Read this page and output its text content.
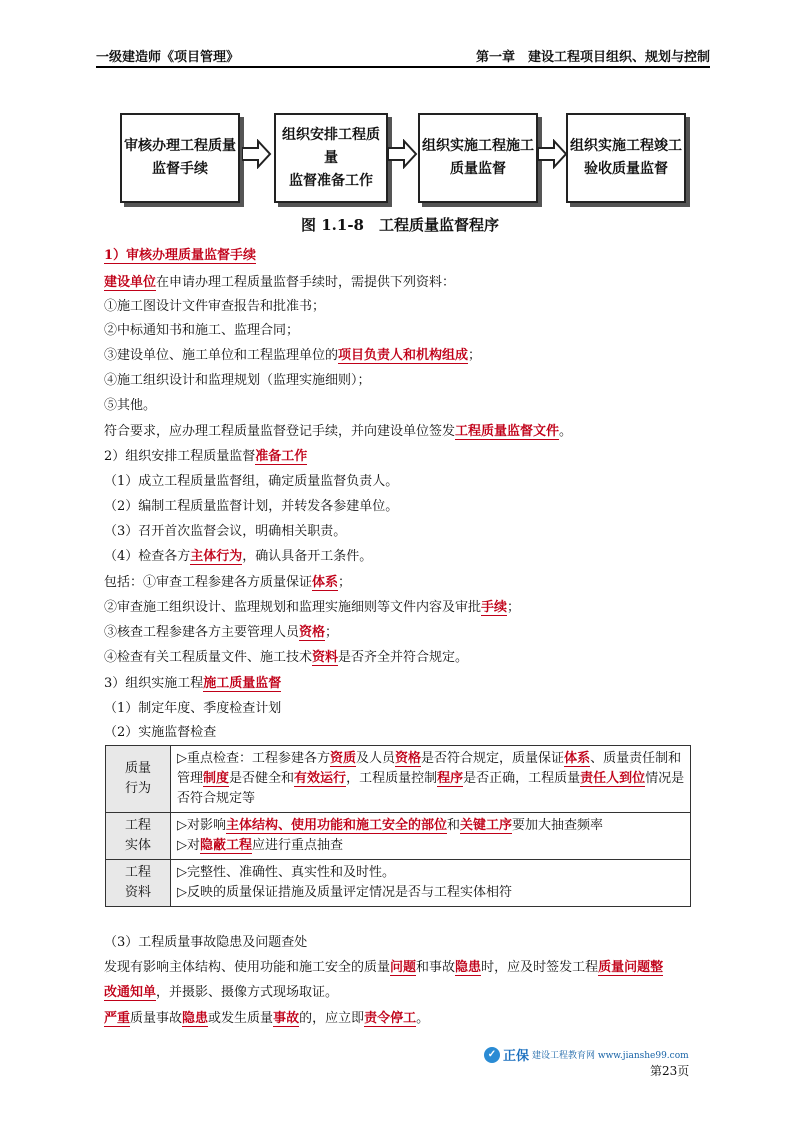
一级建造师《项目管理》	第一章　建设工程项目组织、规划与控制
审核办理工程质量
监督手续
组织安排工程质量
监督准备工作
组织实施工程施工
质量监督
组织实施工程竣工
验收质量监督
图 1.1-8　工程质量监督程序
1）审核办理质量监督手续
建设单位在申请办理工程质量监督手续时，需提供下列资料：
①施工图设计文件审查报告和批准书；
②中标通知书和施工、监理合同；
③建设单位、施工单位和工程监理单位的项目负责人和机构组成；
④施工组织设计和监理规划（监理实施细则）；
⑤其他。
符合要求，应办理工程质量监督登记手续，并向建设单位签发工程质量监督文件。
2）组织安排工程质量监督准备工作
（1）成立工程质量监督组，确定质量监督负责人。
（2）编制工程质量监督计划，并转发各参建单位。
（3）召开首次监督会议，明确相关职责。
（4）检查各方主体行为，确认具备开工条件。
包括：①审查工程参建各方质量保证体系；
②审查施工组织设计、监理规划和监理实施细则等文件内容及审批手续；
③核查工程参建各方主要管理人员资格；
④检查有关工程质量文件、施工技术资料是否齐全并符合规定。
3）组织实施工程施工质量监督
（1）制定年度、季度检查计划
（2）实施监督检查
质量
行为	▷重点检查：工程参建各方资质及人员资格是否符合规定，质量保证体系、质量责任制和管理制度是否健全和有效运行，工程质量控制程序是否正确，工程质量责任人到位情况是否符合规定等

工程
实体	▷对影响主体结构、使用功能和施工安全的部位和关键工序要加大抽查频率
▷对隐蔽工程应进行重点抽查

工程
资料	▷完整性、准确性、真实性和及时性。
▷反映的质量保证措施及质量评定情况是否与工程实体相符
（3）工程质量事故隐患及问题查处
发现有影响主体结构、使用功能和施工安全的质量问题和事故隐患时，应及时签发工程质量问题整
改通知单，并摄影、摄像方式现场取证。
严重质量事故隐患或发生质量事故的，应立即责令停工。
✓ 正保 建设工程教育网 www.jianshe99.com
第23页
